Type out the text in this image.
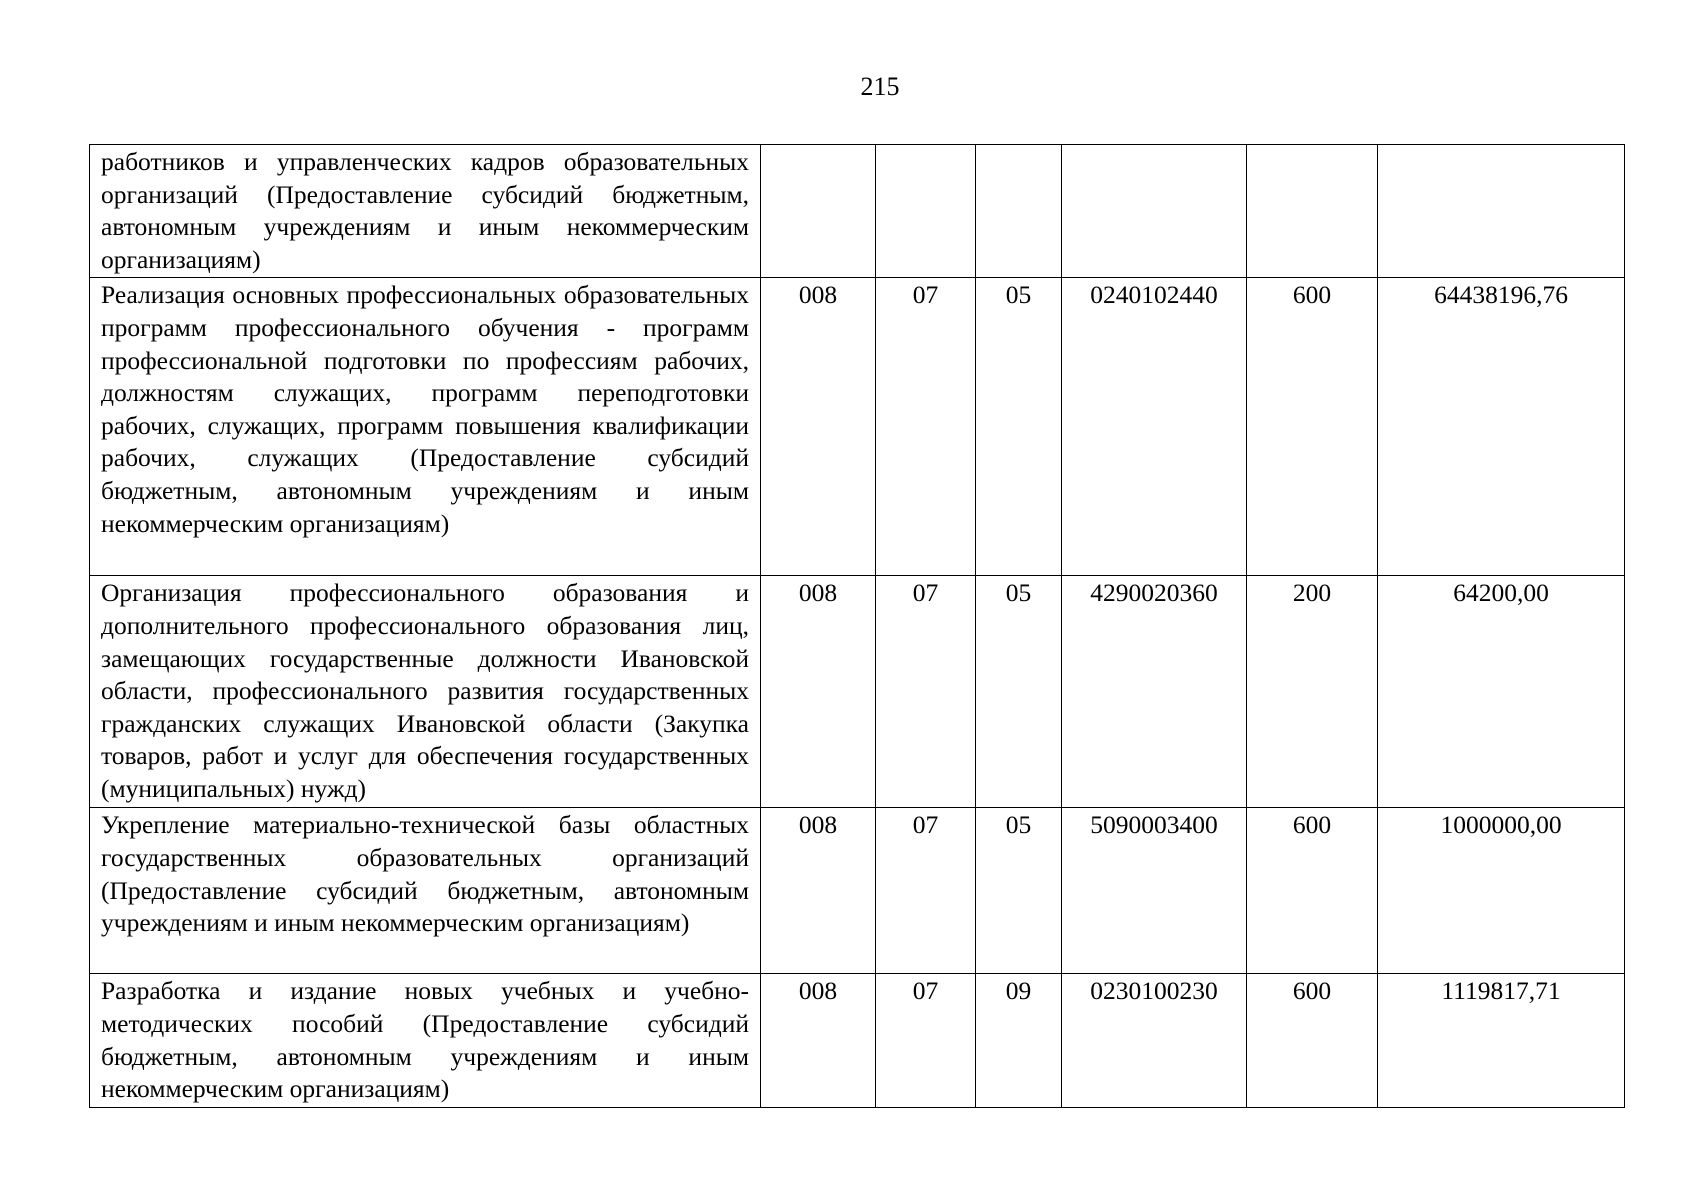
215
работников и управленческих кадров образовательных организаций (Предоставление субсидий бюджетным, автономным учреждениям и иным некоммерческим организациям)						
Реализация основных профессиональных образовательных программ профессионального обучения - программ профессиональной подготовки по профессиям рабочих, должностям служащих, программ переподготовки рабочих, служащих, программ повышения квалификации рабочих, служащих (Предоставление субсидий бюджетным, автономным учреждениям и иным некоммерческим организациям)	008	07	05	0240102440	600	64438196,76
Организация профессионального образования и дополнительного профессионального образования лиц, замещающих государственные должности Ивановской области, профессионального развития государственных гражданских служащих Ивановской области (Закупка товаров, работ и услуг для обеспечения государственных (муниципальных) нужд)	008	07	05	4290020360	200	64200,00
Укрепление материально-технической базы областных государственных образовательных организаций (Предоставление субсидий бюджетным, автономным учреждениям и иным некоммерческим организациям)	008	07	05	5090003400	600	1000000,00
Разработка и издание новых учебных и учебно-методических пособий (Предоставление субсидий бюджетным, автономным учреждениям и иным некоммерческим организациям)	008	07	09	0230100230	600	1119817,71
